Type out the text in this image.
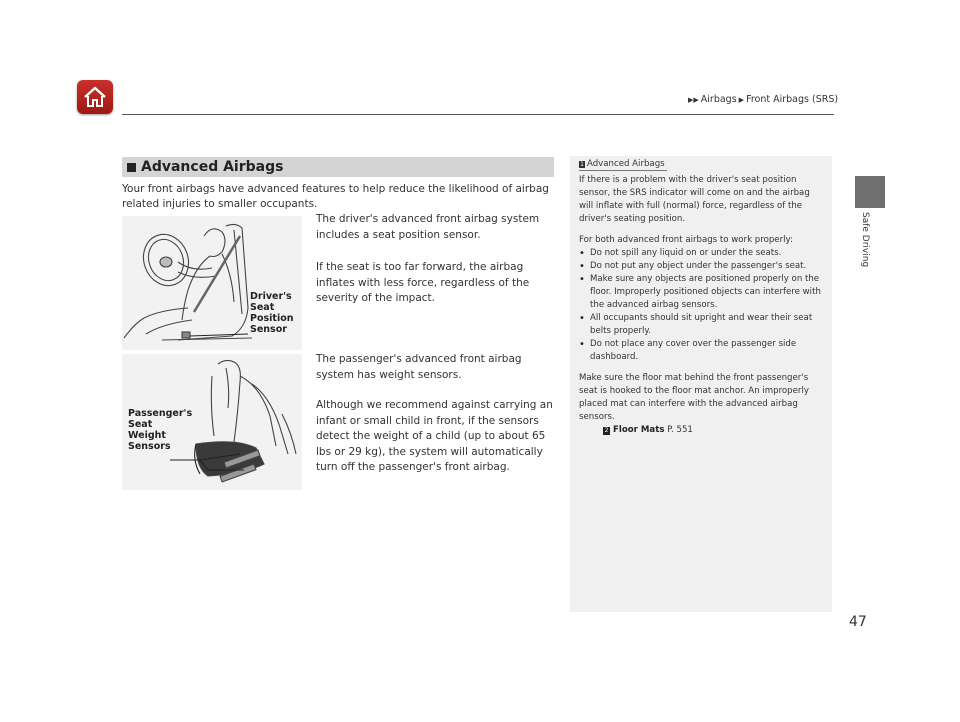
▶▶ Airbags ▶ Front Airbags (SRS)
Safe Driving
47
Advanced Airbags
Your front airbags have advanced features to help reduce the likelihood of airbag related injuries to smaller occupants.
The driver's advanced front airbag system includes a seat position sensor.
If the seat is too far forward, the airbag inflates with less force, regardless of the severity of the impact.
The passenger's advanced front airbag system has weight sensors.
Although we recommend against carrying an infant or small child in front, if the sensors detect the weight of a child (up to about 65 lbs or 29 kg), the system will automatically turn off the passenger's front airbag.
Driver's Seat Position Sensor
Passenger's Seat Weight Sensors
1 Advanced Airbags

If there is a problem with the driver's seat position sensor, the SRS indicator will come on and the airbag will inflate with full (normal) force, regardless of the driver's seating position.

For both advanced front airbags to work properly:

• Do not spill any liquid on or under the seats.

• Do not put any object under the passenger's seat.

• Make sure any objects are positioned properly on the floor. Improperly positioned objects can interfere with the advanced airbag sensors.

• All occupants should sit upright and wear their seat belts properly.

• Do not place any cover over the passenger side dashboard.

Make sure the floor mat behind the front passenger's seat is hooked to the floor mat anchor. An improperly placed mat can interfere with the advanced airbag sensors.

2 Floor Mats P. 551
